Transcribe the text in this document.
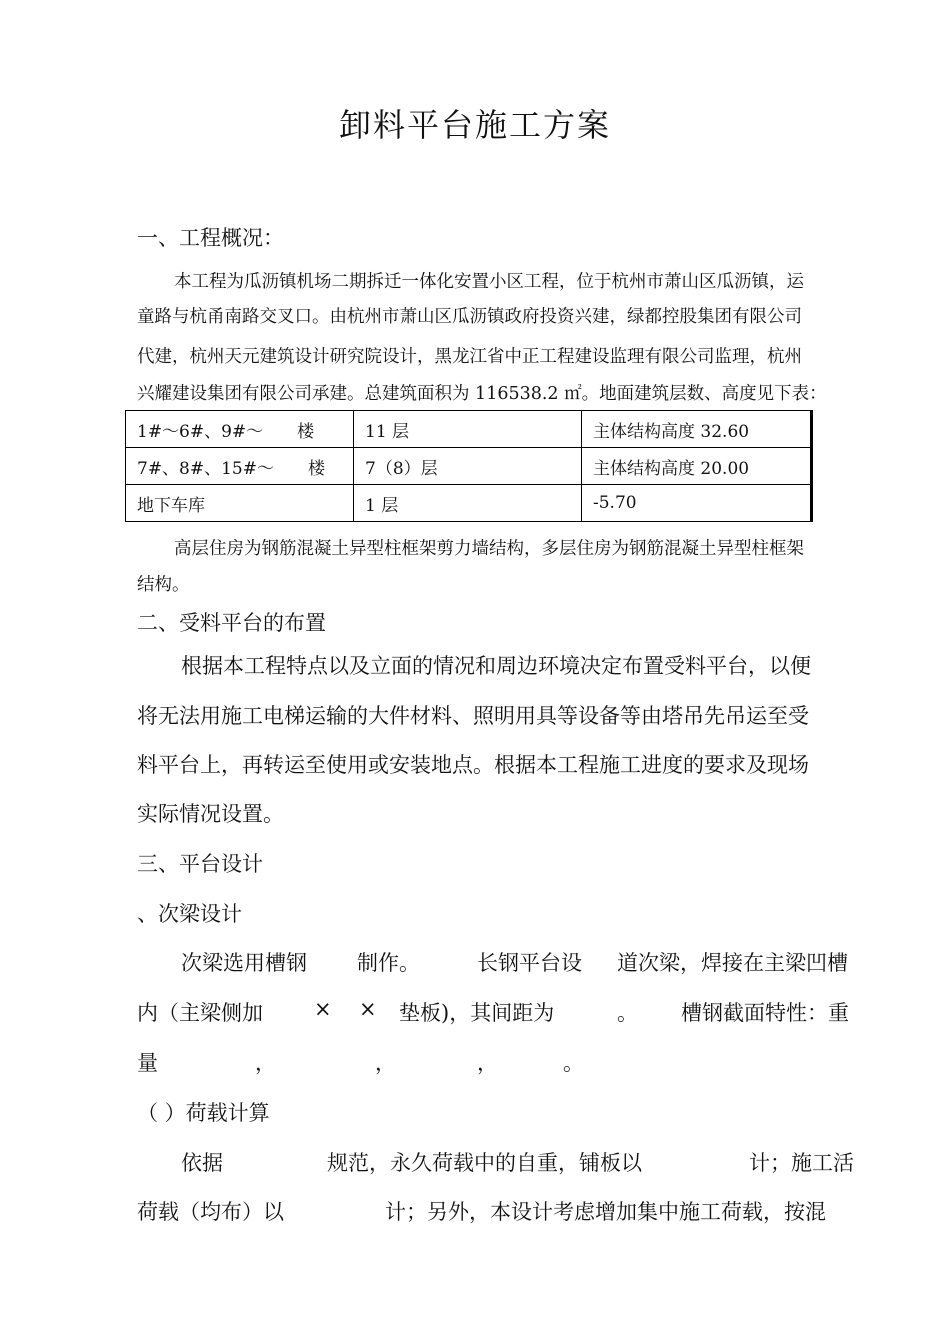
卸料平台施工方案
一、工程概况：
本工程为瓜沥镇机场二期拆迁一体化安置小区工程，位于杭州市萧山区瓜沥镇，运
童路与杭甬南路交叉口。由杭州市萧山区瓜沥镇政府投资兴建，绿都控股集团有限公司
代建，杭州天元建筑设计研究院设计，黑龙江省中正工程建设监理有限公司监理，杭州
兴耀建设集团有限公司承建。总建筑面积为 116538.2 ㎡。地面建筑层数、高度见下表：
1#～6#、9#～　　楼	11 层	主体结构高度 32.60
7#、8#、15#～　　楼	7（8）层	主体结构高度 20.00
地下车库	1 层	-5.70
高层住房为钢筋混凝土异型柱框架剪力墙结构，多层住房为钢筋混凝土异型柱框架
结构。
二、受料平台的布置
根据本工程特点以及立面的情况和周边环境决定布置受料平台，以便
将无法用施工电梯运输的大件材料、照明用具等设备等由塔吊先吊运至受
料平台上，再转运至使用或安装地点。根据本工程施工进度的要求及现场
实际情况设置。
三、平台设计
、次梁设计
次梁选用槽钢 制作。	长钢平台设 道次梁，焊接在主梁凹槽
内（主梁侧加 × × 垫板)，其间距为	。 槽钢截面特性：重
量	，	，	，	。
（ ）荷载计算
依据	规范，永久荷载中的自重，铺板以	计；施工活
荷载（均布）以	计；另外，本设计考虑增加集中施工荷载，按混
